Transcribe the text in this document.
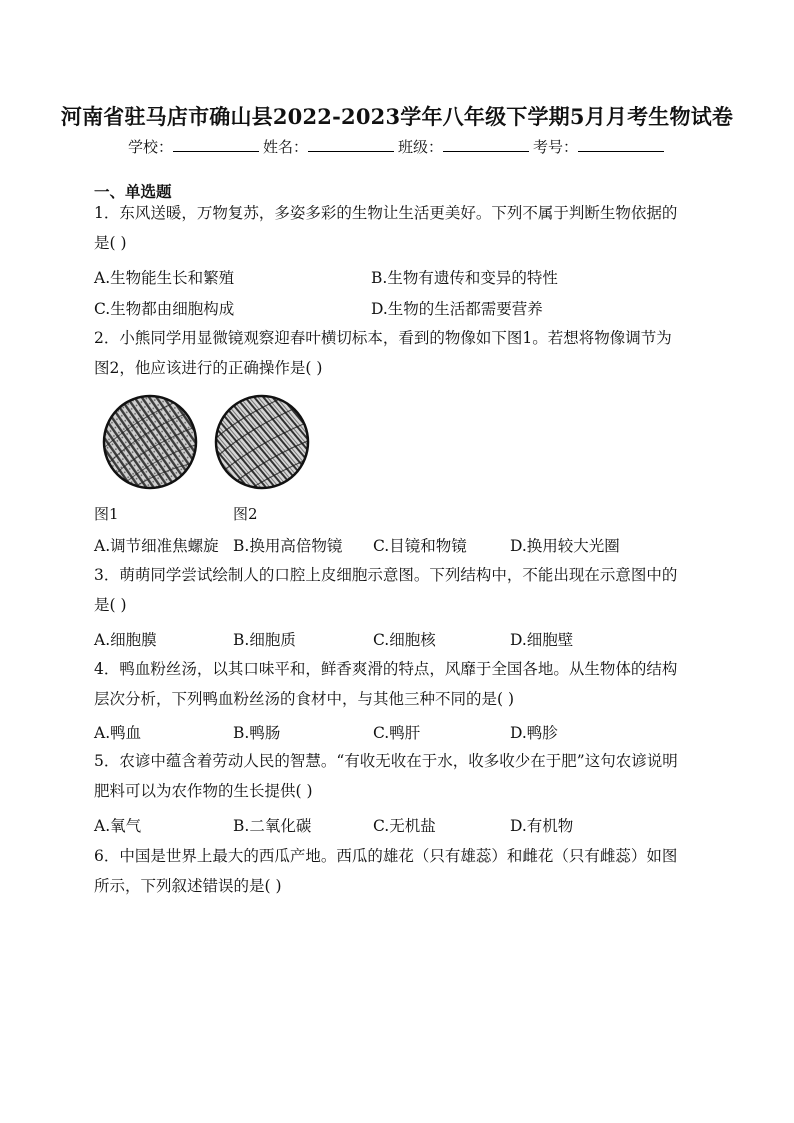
河南省驻马店市确山县2022-2023学年八年级下学期5月月考生物试卷
学校：	姓名：	班级：	考号：
一、单选题
1．东风送暖，万物复苏，多姿多彩的生物让生活更美好。下列不属于判断生物依据的
是( )
A.生物能生长和繁殖	B.生物有遗传和变异的特性
C.生物都由细胞构成	D.生物的生活都需要营养
2．小熊同学用显微镜观察迎春叶横切标本，看到的物像如下图1。若想将物像调节为
图2，他应该进行的正确操作是( )
图1	图2
A.调节细准焦螺旋 B.换用高倍物镜 C.目镜和物镜	D.换用较大光圈
3．萌萌同学尝试绘制人的口腔上皮细胞示意图。下列结构中，不能出现在示意图中的
是( )
A.细胞膜	B.细胞质	C.细胞核	D.细胞壁
4．鸭血粉丝汤，以其口味平和，鲜香爽滑的特点，风靡于全国各地。从生物体的结构
层次分析，下列鸭血粉丝汤的食材中，与其他三种不同的是( )
A.鸭血	B.鸭肠	C.鸭肝	D.鸭胗
5．农谚中蕴含着劳动人民的智慧。“有收无收在于水，收多收少在于肥”这句农谚说明
肥料可以为农作物的生长提供( )
A.氧气	B.二氧化碳	C.无机盐	D.有机物
6．中国是世界上最大的西瓜产地。西瓜的雄花（只有雄蕊）和雌花（只有雌蕊）如图
所示，下列叙述错误的是( )
